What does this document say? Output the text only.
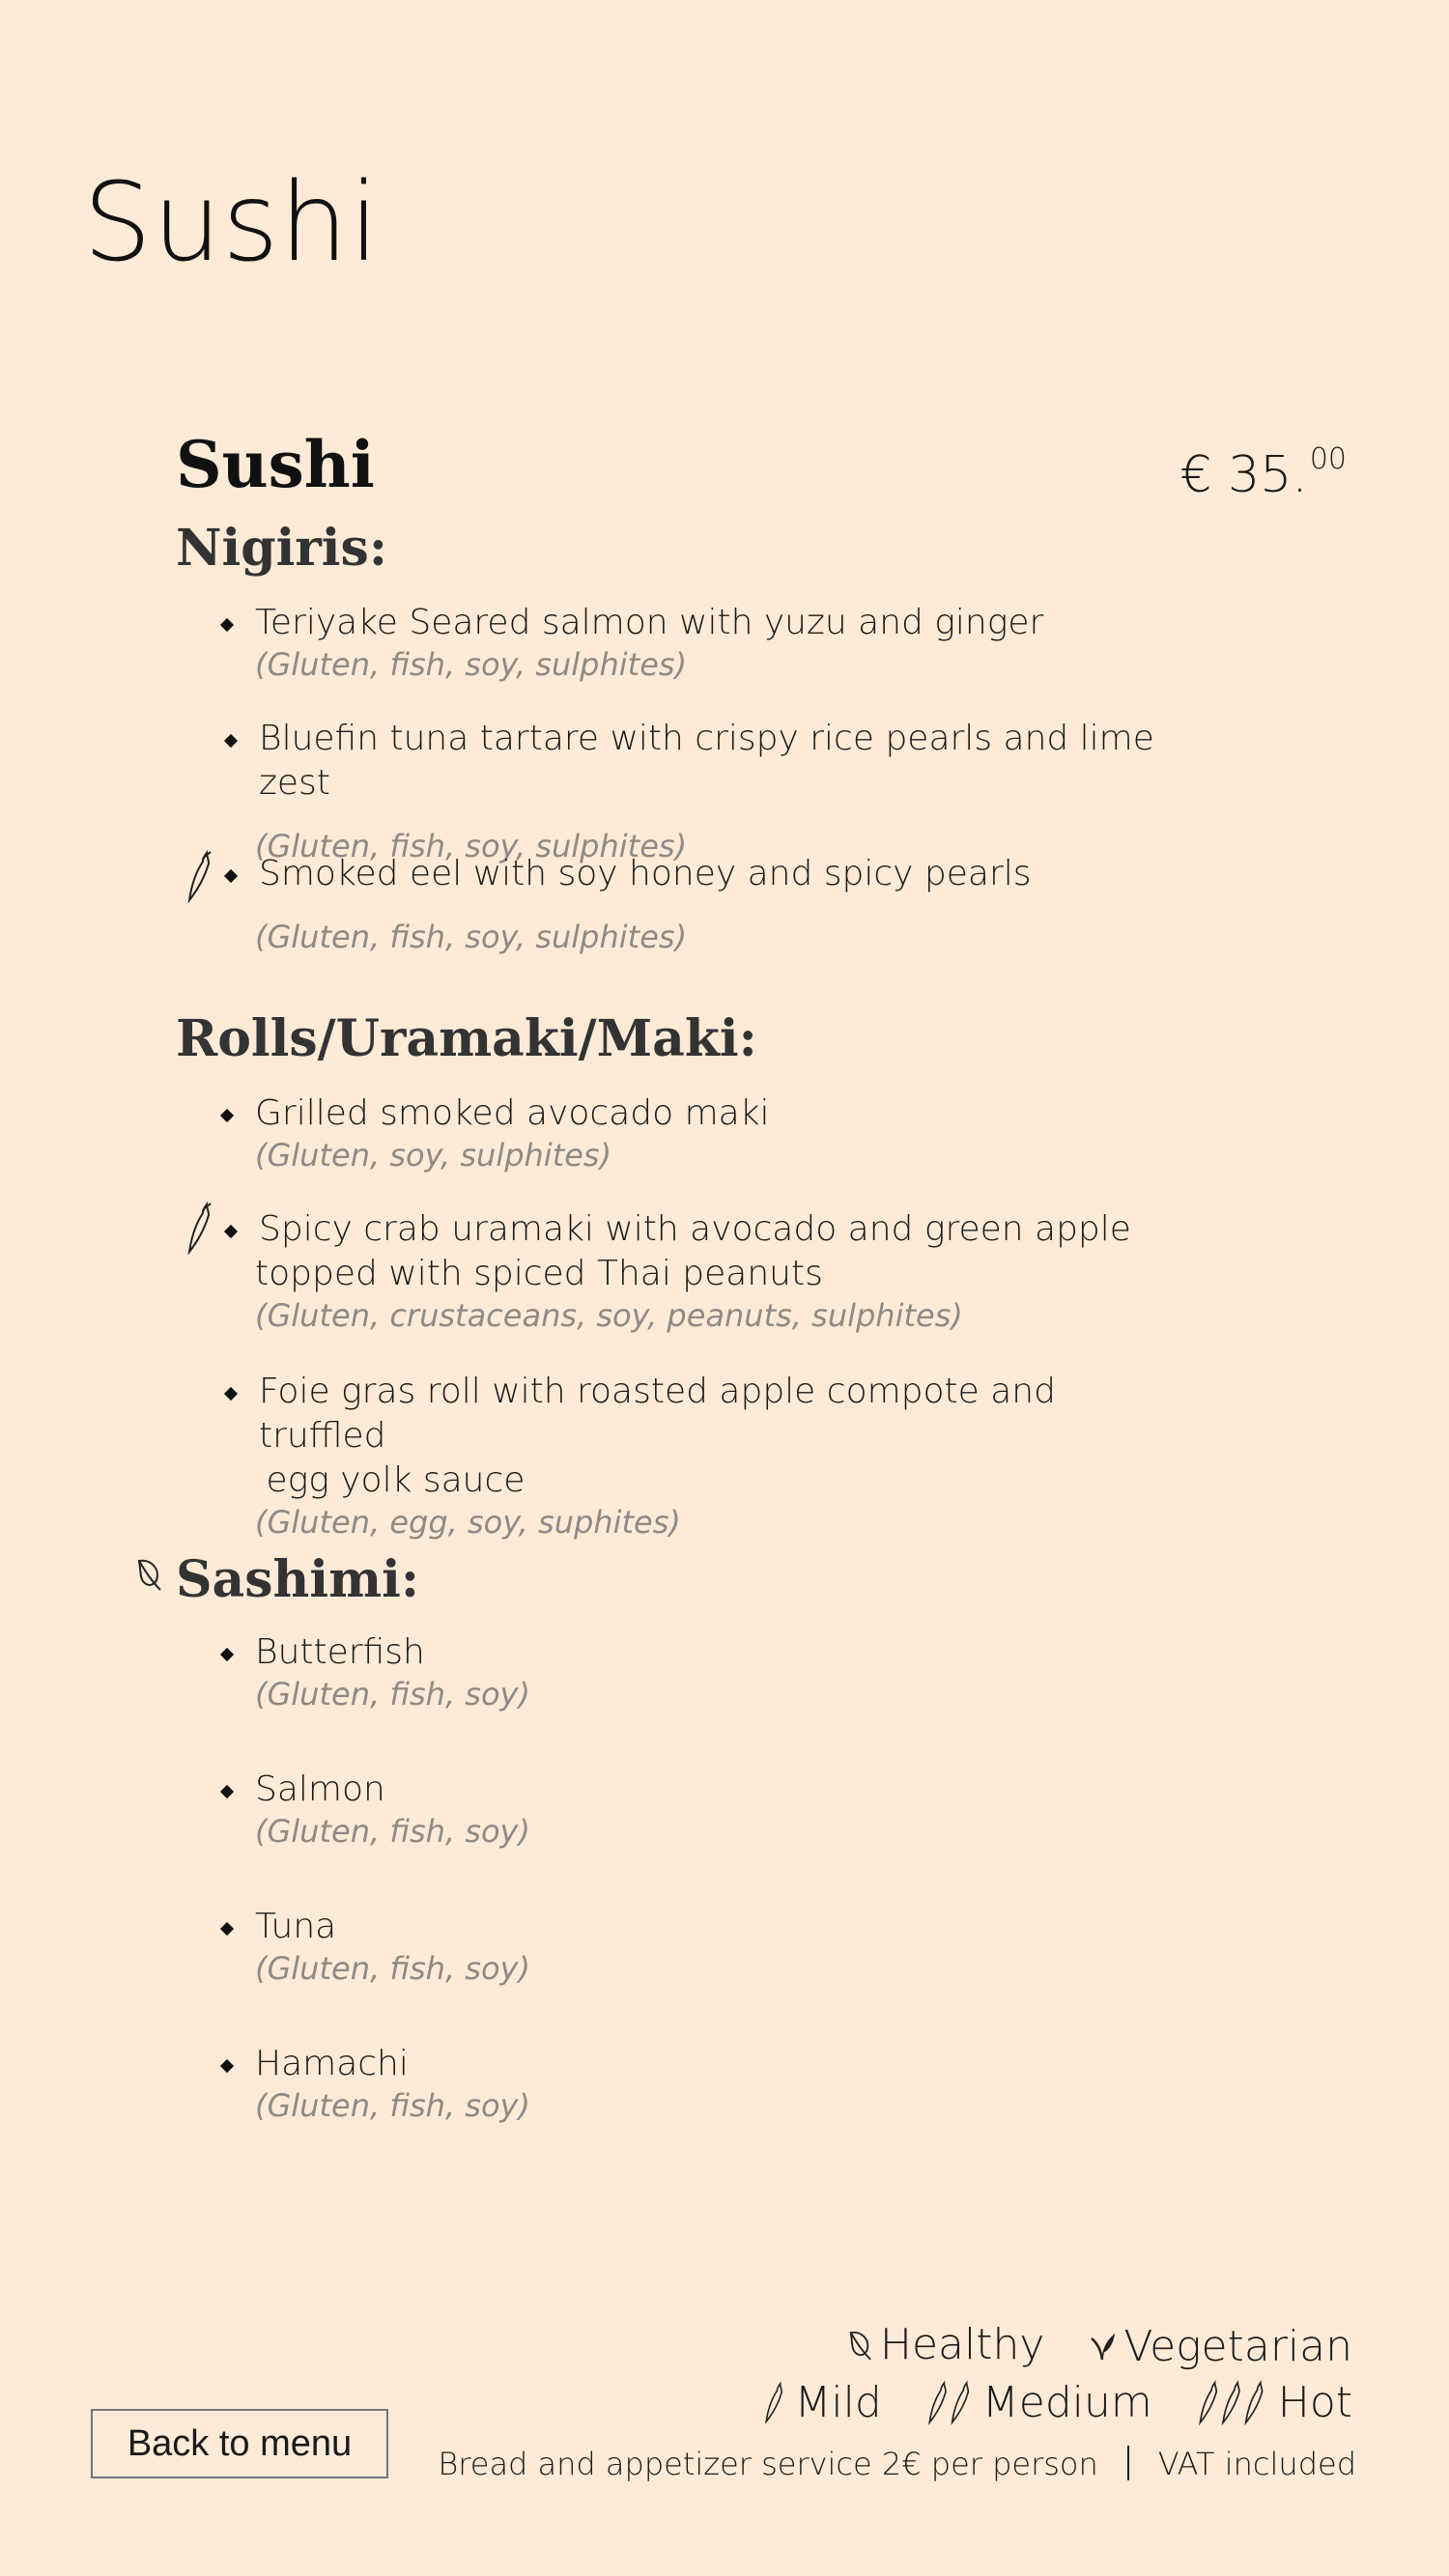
Sushi
Sushi	€ 35.00
Nigiris:
Teriyake Seared salmon with yuzu and ginger
(Gluten, fish, soy, sulphites)
Bluefin tuna tartare with crispy rice pearls and lime zest
(Gluten, fish, soy, sulphites)
Smoked eel with soy honey and spicy pearls
(Gluten, fish, soy, sulphites)
Rolls/Uramaki/Maki:
Grilled smoked avocado maki
(Gluten, soy, sulphites)
Spicy crab uramaki with avocado and green apple
topped with spiced Thai peanuts
(Gluten, crustaceans, soy, peanuts, sulphites)
Foie gras roll with roasted apple compote and truffled
egg yolk sauce
(Gluten, egg, soy, suphites)
Sashimi:
Butterfish
(Gluten, fish, soy)
Salmon
(Gluten, fish, soy)
Tuna
(Gluten, fish, soy)
Hamachi
(Gluten, fish, soy)
Healthy
Vegetarian
Mild
Medium
	Hot
Bread and appetizer service 2€ per person VAT included
Back to menu
